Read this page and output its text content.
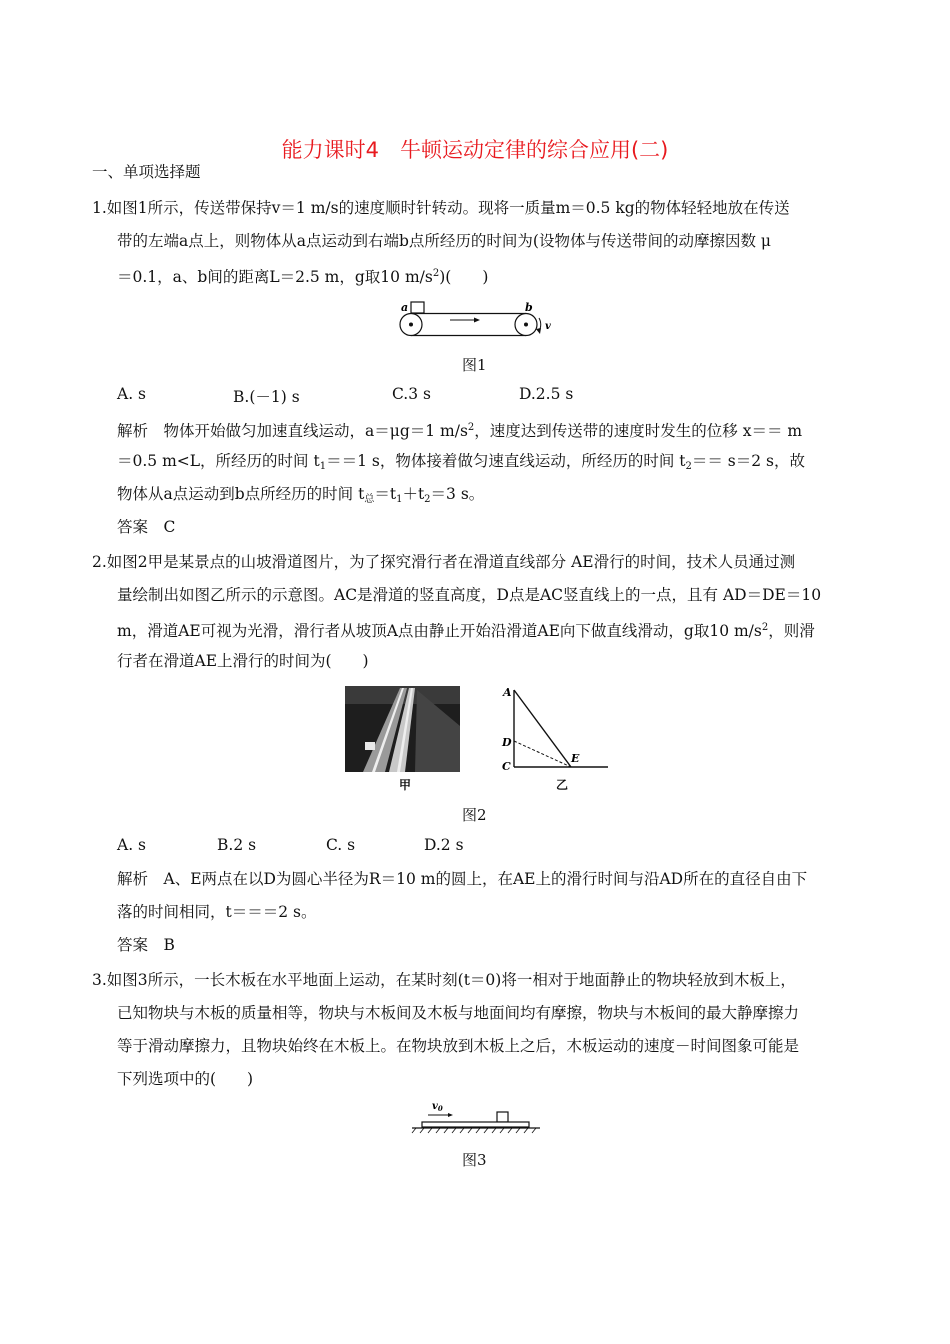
能力课时4　牛顿运动定律的综合应用(二)
一、单项选择题
1.如图1所示，传送带保持v＝1 m/s的速度顺时针转动。现将一质量m＝0.5 kg的物体轻轻地放在传送
带的左端a点上，则物体从a点运动到右端b点所经历的时间为(设物体与传送带间的动摩擦因数 μ
＝0.1，a、b间的距离L＝2.5 m，g取10 $m/s^2$)(　　)
a	b
v
图1
A. s	B.(－1) s	C.3 s	D.2.5 s
解析　物体开始做匀加速直线运动，a＝μg＝1 $m/s^2$，速度达到传送带的速度时发生的位移 x＝＝ m
＝0.5 m<L，所经历的时间 $t_1==1$ s，物体接着做匀速直线运动，所经历的时间 $t_2== s=2$ s，故
物体从a点运动到b点所经历的时间 $t_总=t_1+t_2=3$ s。
答案　C
2.如图2甲是某景点的山坡滑道图片，为了探究滑行者在滑道直线部分 AE滑行的时间，技术人员通过测
量绘制出如图乙所示的示意图。AC是滑道的竖直高度，D点是AC竖直线上的一点，且有 AD＝DE＝10
m，滑道AE可视为光滑，滑行者从坡顶A点由静止开始沿滑道AE向下做直线滑动，g取10 $m/s^2$，则滑
行者在滑道AE上滑行的时间为(　　)
甲
A
D
C
E
乙
图2
A. s	B.2 s	C. s	D.2 s
解析　A、E两点在以D为圆心半径为R＝10 m的圆上，在AE上的滑行时间与沿AD所在的直径自由下
落的时间相同，t＝＝＝2 s。
答案　B
3.如图3所示，一长木板在水平地面上运动，在某时刻(t＝0)将一相对于地面静止的物块轻放到木板上，
已知物块与木板的质量相等，物块与木板间及木板与地面间均有摩擦，物块与木板间的最大静摩擦力
等于滑动摩擦力，且物块始终在木板上。在物块放到木板上之后，木板运动的速度－时间图象可能是
下列选项中的(　　)
$v_0$
图3
